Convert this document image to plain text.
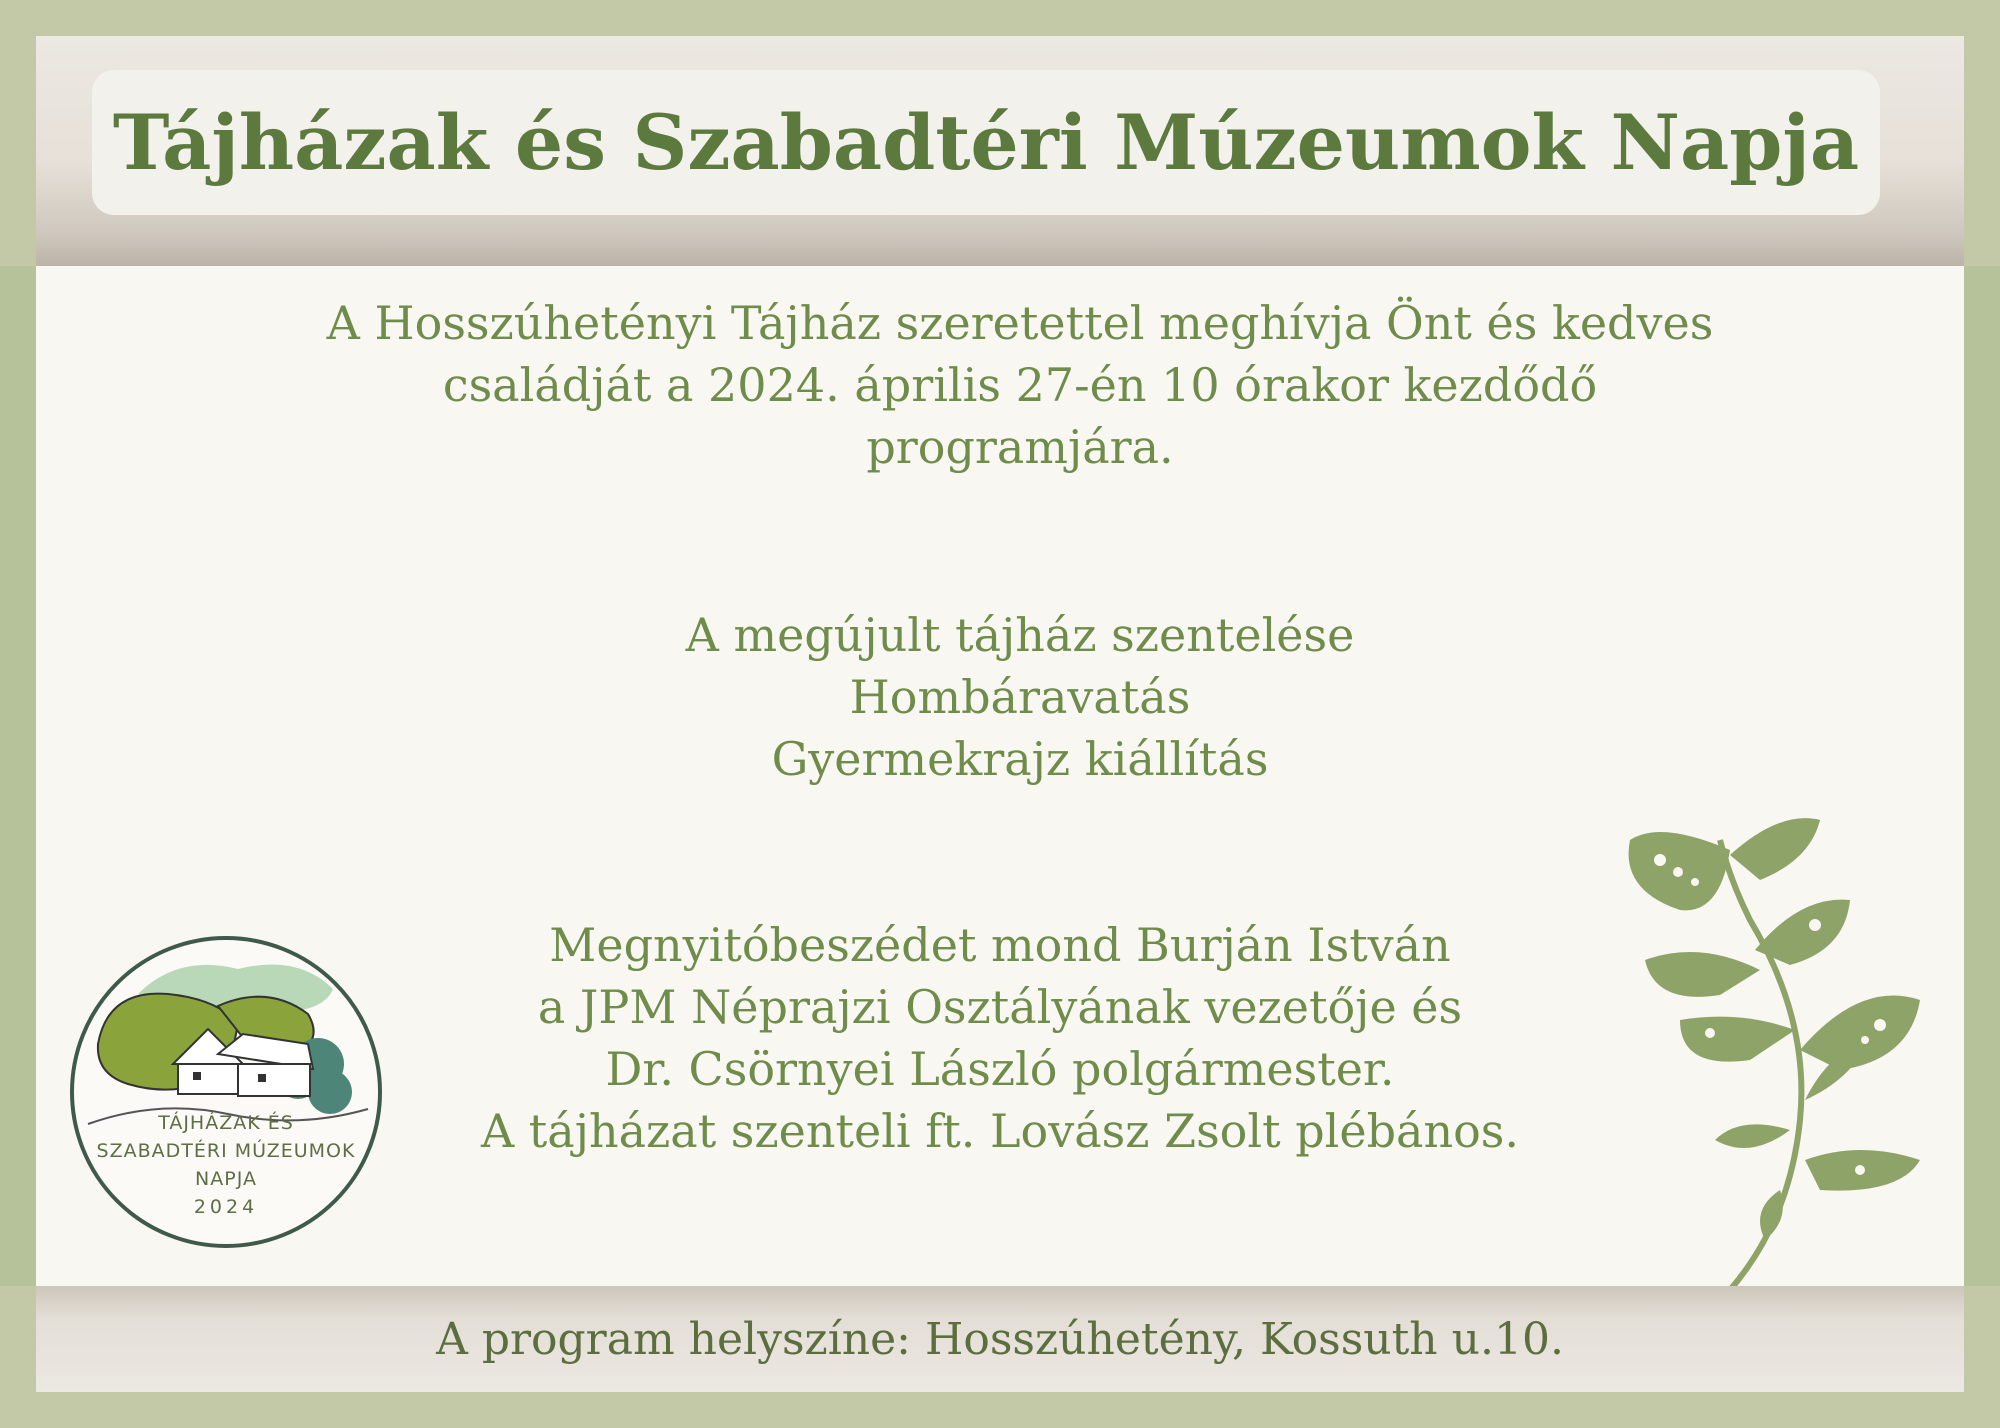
Tájházak és Szabadtéri Múzeumok Napja
A Hosszúhetényi Tájház szeretettel meghívja Önt és kedves
családját a 2024. április 27-én 10 órakor kezdődő
programjára.
A megújult tájház szentelése
Hombáravatás
Gyermekrajz kiállítás
Megnyitóbeszédet mond Burján István
a JPM Néprajzi Osztályának vezetője és
Dr. Csörnyei László polgármester.
A tájházat szenteli ft. Lovász Zsolt plébános.

TÁJHÁZAK ÉS

SZABADTÉRI MÚZEUMOK

NAPJA

2024

A program helyszíne: Hosszúhetény, Kossuth u.10.
